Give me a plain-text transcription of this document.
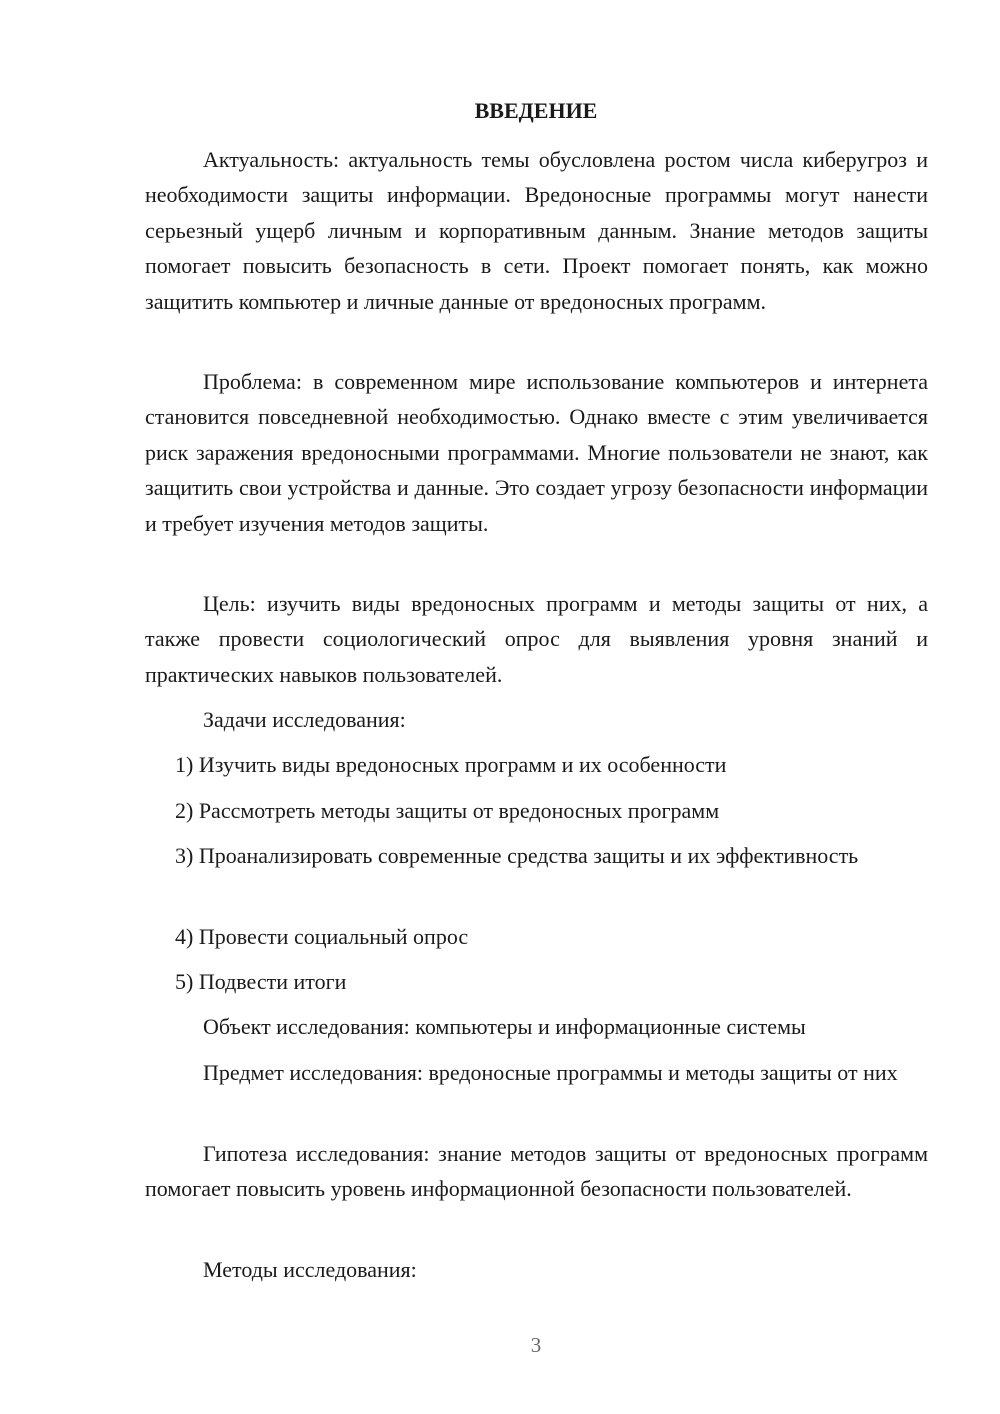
ВВЕДЕНИЕ
Актуальность: актуальность темы обусловлена ростом числа киберугроз и необходимости защиты информации. Вредоносные программы могут нанести серьезный ущерб личным и корпоративным данным. Знание методов защиты помогает повысить безопасность в сети. Проект помогает понять, как можно защитить компьютер и личные данные от вредоносных программ.
Проблема: в современном мире использование компьютеров и интернета становится повседневной необходимостью. Однако вместе с этим увеличивается риск заражения вредоносными программами. Многие пользователи не знают, как защитить свои устройства и данные. Это создает угрозу безопасности информации и требует изучения методов защиты.
Цель: изучить виды вредоносных программ и методы защиты от них, а также провести социологический опрос для выявления уровня знаний и практических навыков пользователей.
Задачи исследования:
1) Изучить виды вредоносных программ и их особенности
2) Рассмотреть методы защиты от вредоносных программ
3) Проанализировать современные средства защиты и их эффективность
4) Провести социальный опрос
5) Подвести итоги
Объект исследования: компьютеры и информационные системы
Предмет исследования: вредоносные программы и методы защиты от них
Гипотеза исследования: знание методов защиты от вредоносных программ помогает повысить уровень информационной безопасности пользователей.
Методы исследования:
3
